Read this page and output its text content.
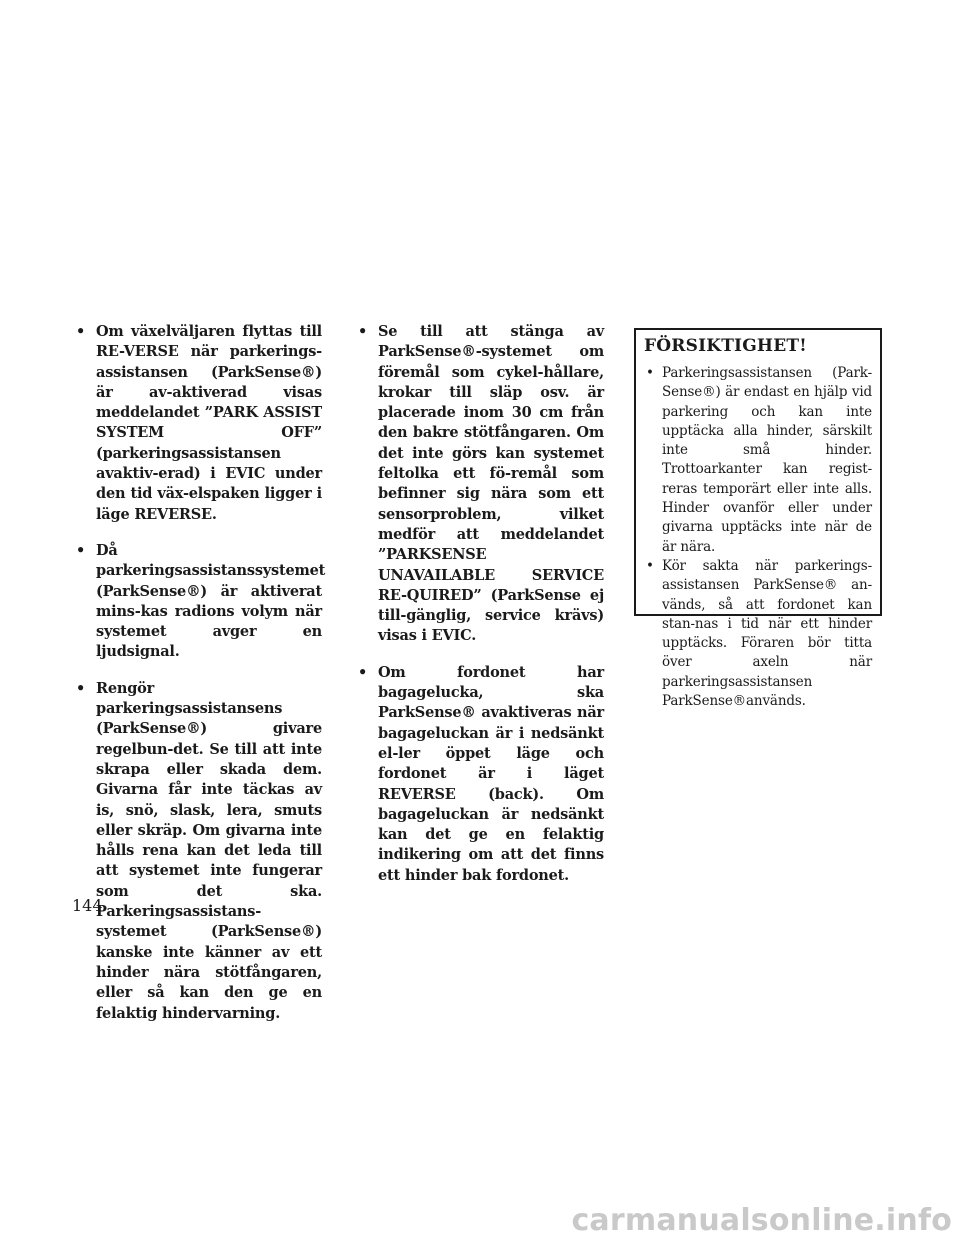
• Om växelväljaren flyttas till RE-VERSE när parkerings-assistansen (ParkSense®) är av-aktiverad visas meddelandet ”PARK ASSIST SYSTEM OFF” (parkeringsassistansen avaktiv-erad) i EVIC under den tid väx-elspaken ligger i läge REVERSE.
• Då parkeringsassistanssystemet (ParkSense®) är aktiverat mins-kas radions volym när systemet avger en ljudsignal.
• Rengör parkeringsassistansens (ParkSense®) givare regelbun-det. Se till att inte skrapa eller skada dem. Givarna får inte täckas av is, snö, slask, lera, smuts eller skräp. Om givarna inte hålls rena kan det leda till att systemet inte fungerar som det ska. Parkeringsassistans-systemet (ParkSense®) kanske inte känner av ett hinder nära stötfångaren, eller så kan den ge en felaktig hindervarning.
• Se till att stänga av ParkSense®-systemet om föremål som cykel-hållare, krokar till släp osv. är placerade inom 30 cm från den bakre stötfångaren. Om det inte görs kan systemet feltolka ett fö-remål som befinner sig nära som ett sensorproblem, vilket medför att meddelandet ”PARKSENSE UNAVAILABLE SERVICE RE-QUIRED” (ParkSense ej till-gänglig, service krävs) visas i EVIC.
• Om fordonet har bagagelucka, ska ParkSense® avaktiveras när bagageluckan är i nedsänkt el-ler öppet läge och fordonet är i läget REVERSE (back). Om bagageluckan är nedsänkt kan det ge en felaktig indikering om att det finns ett hinder bak fordonet.
FÖRSIKTIGHET!
• Parkeringsassistansen (Park-Sense®) är endast en hjälp vid parkering och kan inte upptäcka alla hinder, särskilt inte små hinder. Trottoarkanter kan regist-reras temporärt eller inte alls. Hinder ovanför eller under givarna upptäcks inte när de är nära.
• Kör sakta när parkerings-assistansen ParkSense® an-vänds, så att fordonet kan stan-nas i tid när ett hinder upptäcks. Föraren bör titta över axeln när parkeringsassistansen ParkSense®används.
144
carmanualsonline.info
